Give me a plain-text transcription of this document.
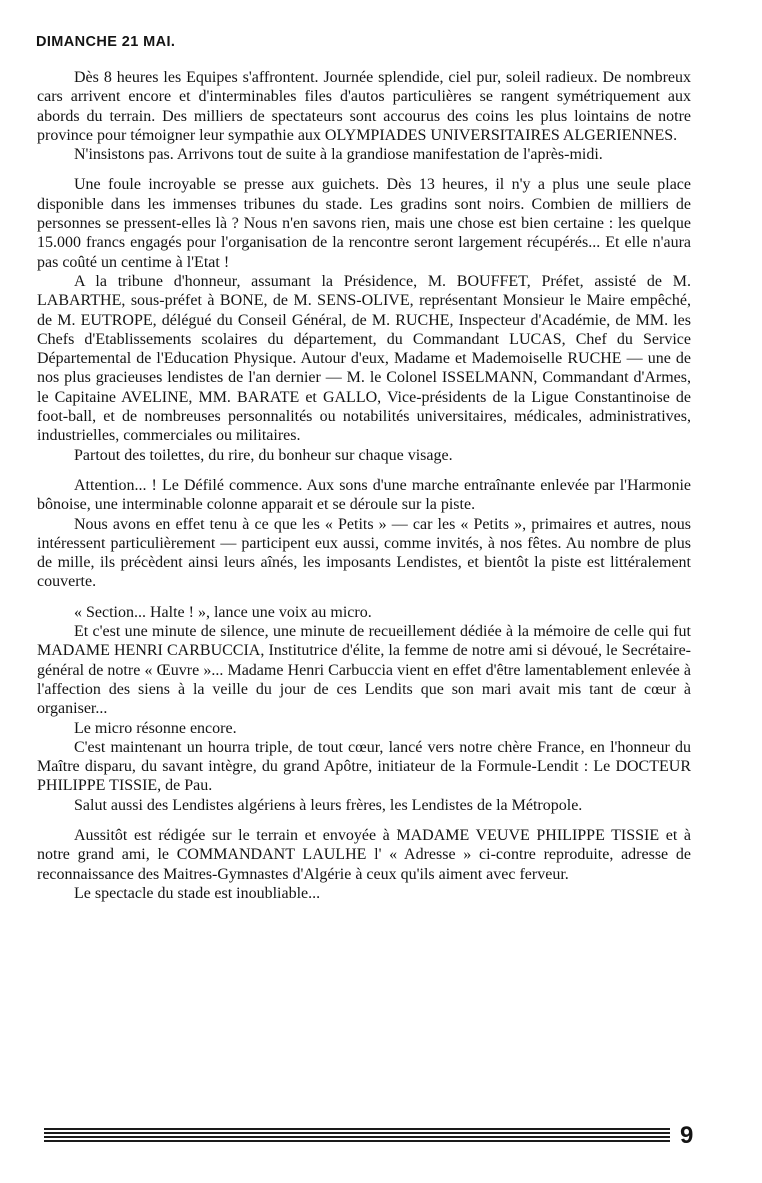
DIMANCHE 21 MAI.

Dès 8 heures les Equipes s'affrontent. Journée splendide, ciel pur, soleil radieux. De nombreux cars arrivent encore et d'interminables files d'autos particulières se rangent symétriquement aux abords du terrain. Des milliers de spectateurs sont accourus des coins les plus lointains de notre province pour témoigner leur sympathie aux OLYMPIADES UNIVERSITAIRES ALGERIENNES.

N'insistons pas. Arrivons tout de suite à la grandiose manifestation de l'après-midi.

Une foule incroyable se presse aux guichets. Dès 13 heures, il n'y a plus une seule place disponible dans les immenses tribunes du stade. Les gradins sont noirs. Combien de milliers de personnes se pressent-elles là ? Nous n'en savons rien, mais une chose est bien certaine : les quelque 15.000 francs engagés pour l'organisation de la rencontre seront largement récupérés... Et elle n'aura pas coûté un centime à l'Etat !

A la tribune d'honneur, assumant la Présidence, M. BOUFFET, Préfet, assisté de M. LABARTHE, sous-préfet à BONE, de M. SENS-OLIVE, représentant Monsieur le Maire empêché, de M. EUTROPE, délégué du Conseil Général, de M. RUCHE, Inspecteur d'Académie, de MM. les Chefs d'Etablissements scolaires du département, du Commandant LUCAS, Chef du Service Départemental de l'Education Physique. Autour d'eux, Madame et Mademoiselle RUCHE — une de nos plus gracieuses lendistes de l'an dernier — M. le Colonel ISSELMANN, Commandant d'Armes, le Capitaine AVELINE, MM. BARATE et GALLO, Vice-présidents de la Ligue Constantinoise de foot-ball, et de nombreuses personnalités ou notabilités universitaires, médicales, administratives, industrielles, commerciales ou militaires.

Partout des toilettes, du rire, du bonheur sur chaque visage.

Attention... ! Le Défilé commence. Aux sons d'une marche entraînante enlevée par l'Harmonie bônoise, une interminable colonne apparait et se déroule sur la piste.

Nous avons en effet tenu à ce que les « Petits » — car les « Petits », primaires et autres, nous intéressent particulièrement — participent eux aussi, comme invités, à nos fêtes. Au nombre de plus de mille, ils précèdent ainsi leurs aînés, les imposants Lendistes, et bientôt la piste est littéralement couverte.

« Section... Halte ! », lance une voix au micro.

Et c'est une minute de silence, une minute de recueillement dédiée à la mémoire de celle qui fut MADAME HENRI CARBUCCIA, Institutrice d'élite, la femme de notre ami si dévoué, le Secrétaire-général de notre « Œuvre »... Madame Henri Carbuccia vient en effet d'être lamentablement enlevée à l'affection des siens à la veille du jour de ces Lendits que son mari avait mis tant de cœur à organiser...

Le micro résonne encore.

C'est maintenant un hourra triple, de tout cœur, lancé vers notre chère France, en l'honneur du Maître disparu, du savant intègre, du grand Apôtre, initiateur de la Formule-Lendit : Le DOCTEUR PHILIPPE TISSIE, de Pau.

Salut aussi des Lendistes algériens à leurs frères, les Lendistes de la Métropole.

Aussitôt est rédigée sur le terrain et envoyée à MADAME VEUVE PHILIPPE TISSIE et à notre grand ami, le COMMANDANT LAULHE l' « Adresse » ci-contre reproduite, adresse de reconnaissance des Maitres-Gymnastes d'Algérie à ceux qu'ils aiment avec ferveur.

Le spectacle du stade est inoubliable...

9
